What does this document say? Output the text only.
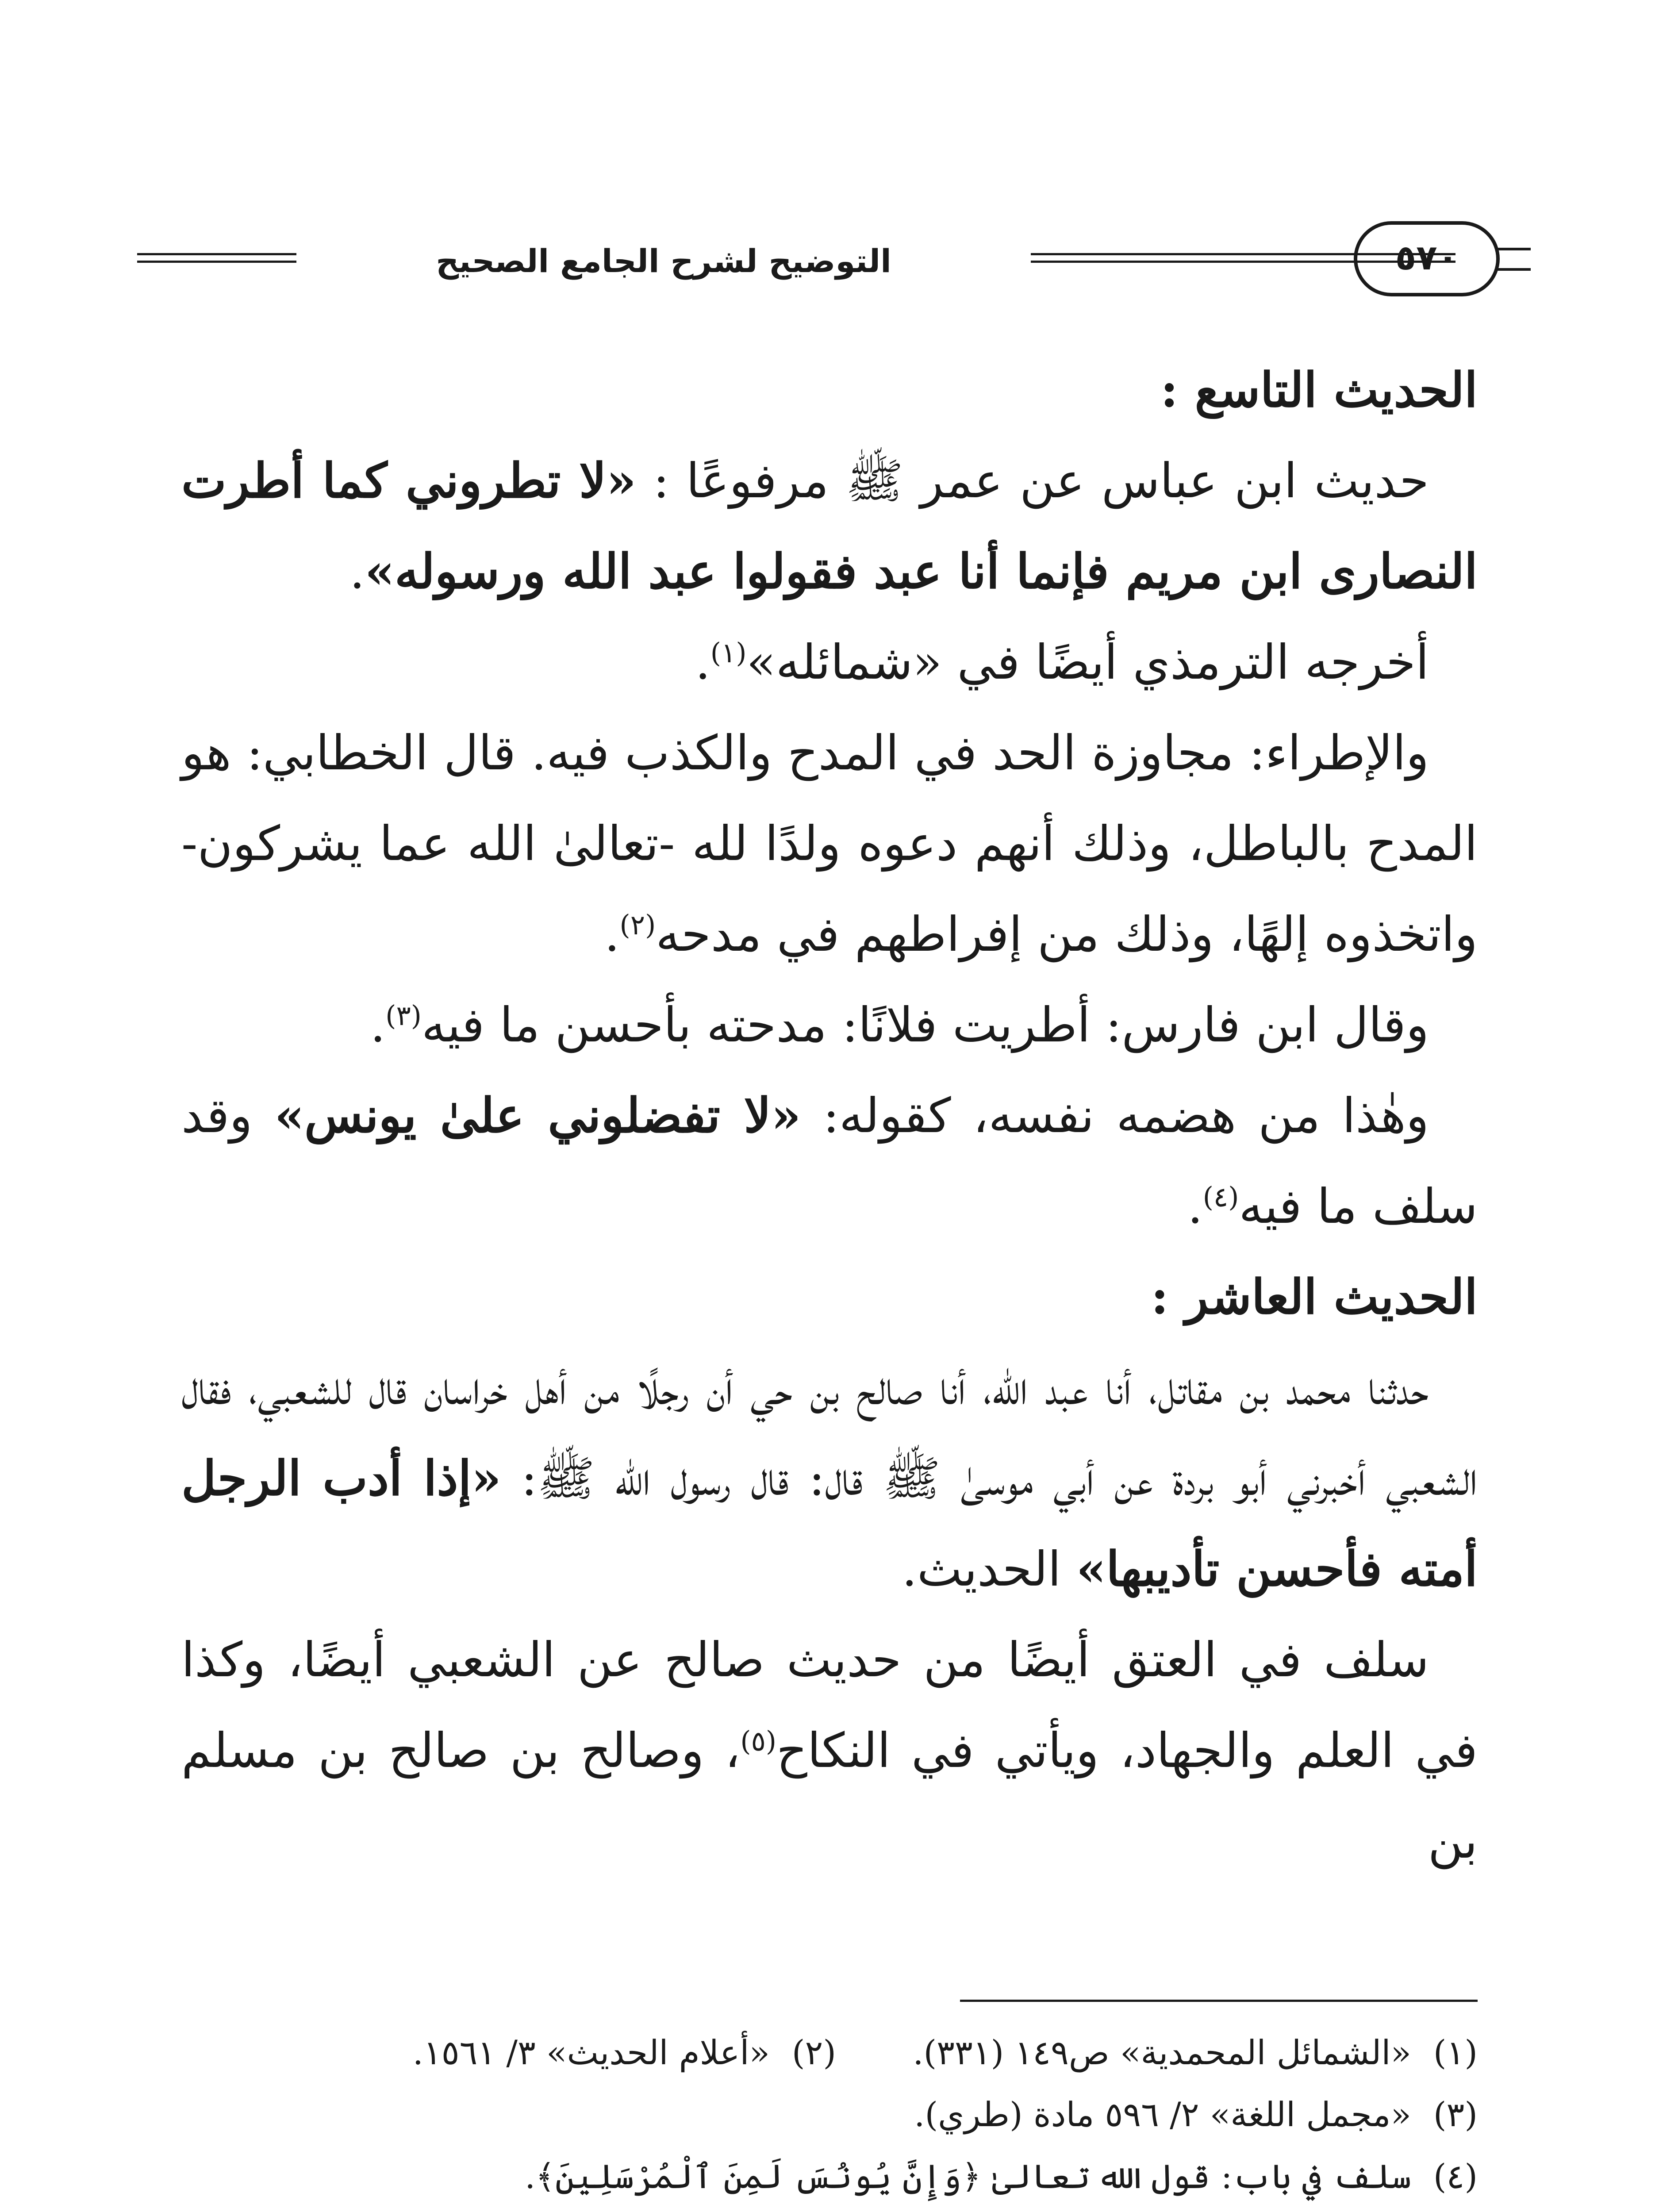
٥٧٠
التوضيح لشرح الجامع الصحيح

الحديث التاسع :

حديث ابن عباس عن عمر ﷺ مرفوعًا : «لا تطروني كما أطرت النصارى ابن مريم فإنما أنا عبد فقولوا عبد الله ورسوله».

أخرجه الترمذي أيضًا في «شمائله»$^{(١)}$.

والإطراء: مجاوزة الحد في المدح والكذب فيه. قال الخطابي: هو المدح بالباطل، وذلك أنهم دعوه ولدًا لله -تعالىٰ الله عما يشركون- واتخذوه إلهًا، وذلك من إفراطهم في مدحه$^{(٢)}$.

وقال ابن فارس: أطريت فلانًا: مدحته بأحسن ما فيه$^{(٣)}$.

وهٰذا من هضمه نفسه، كقوله: «لا تفضلوني علىٰ يونس» وقد سلف ما فيه$^{(٤)}$.

الحديث العاشر :

حدثنا محمد بن مقاتل، أنا عبد الله، أنا صالح بن حي أن رجلًا من أهل خراسان قال للشعبي، فقال الشعبي أخبرني أبو بردة عن أبي موسىٰ ﷺ قال: قال رسول الله ﷺ: «إذا أدب الرجل أمته فأحسن تأديبها» الحديث.

سلف في العتق أيضًا من حديث صالح عن الشعبي أيضًا، وكذا في العلم والجهاد، ويأتي في النكاح$^{(٥)}$، وصالح بن صالح بن مسلم بن

(١)
«الشمائل المحمدية» ص١٤٩ (٣٣١).
(٢)
«أعلام الحديث» ٣/ ١٥٦١.
(٣)
«مجمل اللغة» ٢/ ٥٩٦ مادة (طري).
(٤)
سلف في باب: قول الله تعالىٰ ﴿وَإِنَّ يُونُسَ لَمِنَ ٱلْمُرْسَلِينَ﴾.
